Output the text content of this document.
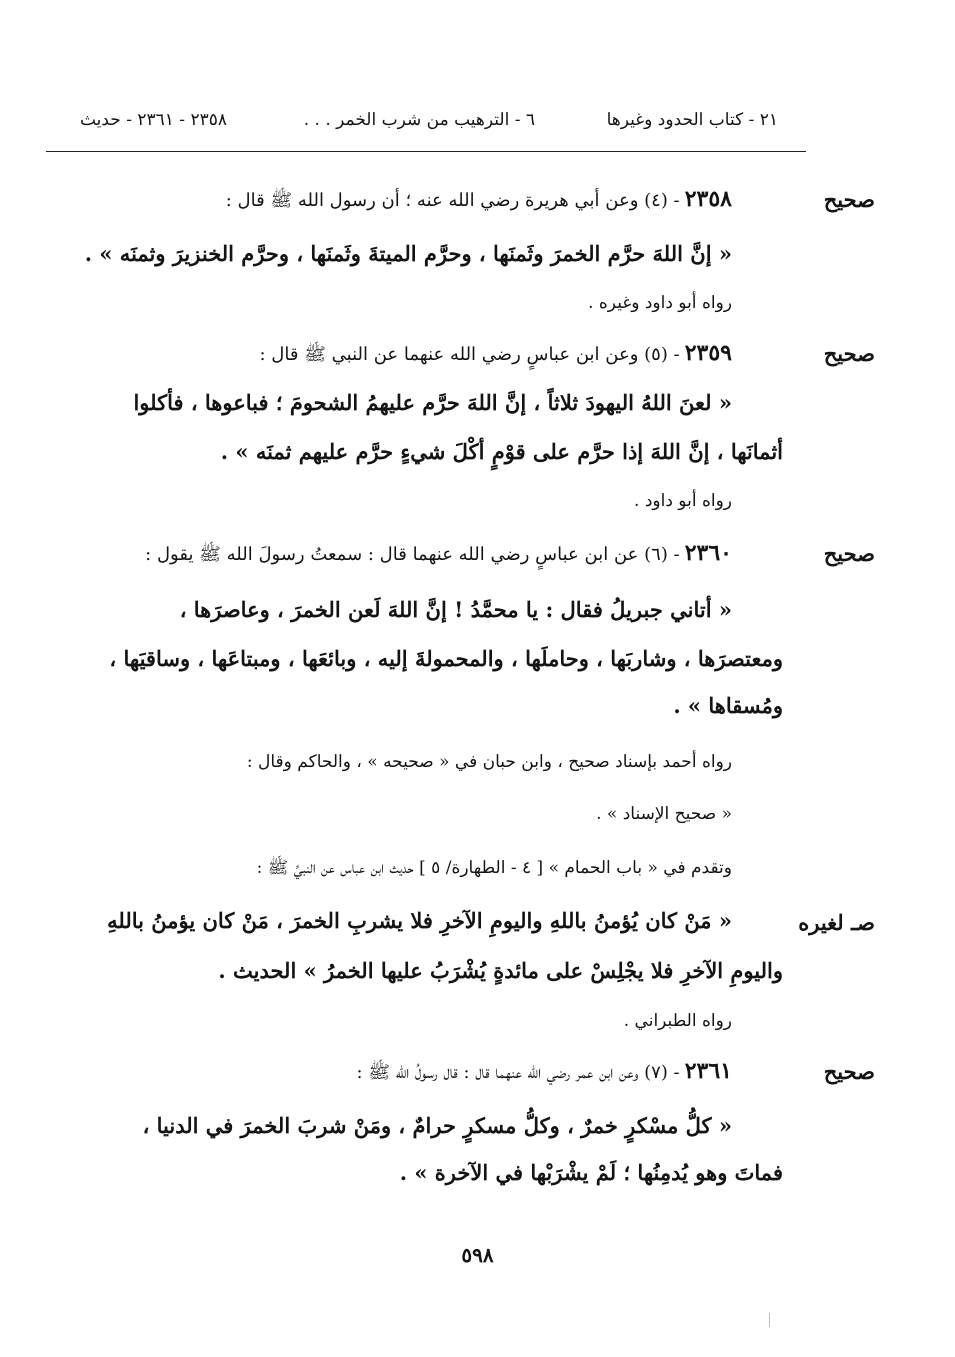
٢١ - كتاب الحدود وغيرها
٦ - الترهيب من شرب الخمر . . .
٢٣٥٨ - ٢٣٦١ - حديث
صحيح
٢٣٥٨ - (٤) وعن أبي هريرة رضي الله عنه ؛ أن رسول الله ﷺ قال :
« إنَّ اللهَ حرَّم الخمرَ وثَمنَها ، وحرَّم الميتةَ وثَمنَها ، وحرَّم الخنزيرَ وثمنَه » .
رواه أبو داود وغيره .
صحيح
٢٣٥٩ - (٥) وعن ابن عباسٍ رضي الله عنهما عن النبي ﷺ قال :
« لعنَ اللهُ اليهودَ ثلاثاً ، إنَّ اللهَ حرَّم عليهمُ الشحومَ ؛ فباعوها ، فأكلوا
أثمانَها ، إنَّ اللهَ إذا حرَّم على قوْمٍ أكْلَ شيءٍ حرَّم عليهم ثمنَه » .
رواه أبو داود .
صحيح
٢٣٦٠ - (٦) عن ابن عباسٍ رضي الله عنهما قال : سمعتُ رسولَ الله ﷺ يقول :
« أتاني جبريلُ فقال : يا محمَّدُ ! إنَّ اللهَ لَعن الخمرَ ، وعاصرَها ،
ومعتصرَها ، وشاربَها ، وحاملَها ، والمحمولةَ إليه ، وبائعَها ، ومبتاعَها ، وساقيَها ،
ومُسقاها » .
رواه أحمد بإسناد صحيح ، وابن حبان في « صحيحه » ، والحاكم وقال :
« صحيح الإسناد » .
وتقدم في « باب الحمام » [ ٤ - الطهارة/ ٥ ] حديث ابن عباس عن النبيِّ ﷺ :
صـ لغيره
« مَنْ كان يُؤمنُ باللهِ واليومِ الآخرِ فلا يشربِ الخمرَ ، مَنْ كان يؤمنُ باللهِ
واليومِ الآخرِ فلا يجْلِسْ على مائدةٍ يُشْرَبُ عليها الخمرُ » الحديث .
رواه الطبراني .
صحيح
٢٣٦١ - (٧) وعن ابن عمر رضي الله عنهما قال : قال رسولُ الله ﷺ :
« كلُّ مسْكرٍ خمرٌ ، وكلُّ مسكرٍ حرامٌ ، ومَنْ شربَ الخمرَ في الدنيا ،
فماتَ وهو يُدمِنُها ؛ لَمْ يشْرَبْها في الآخرة » .
٥٩٨
